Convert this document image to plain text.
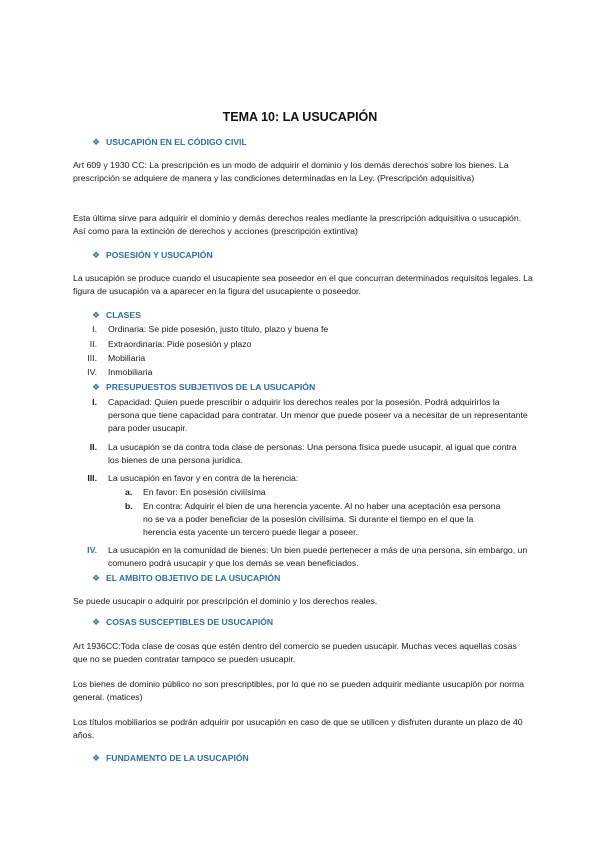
TEMA 10: LA USUCAPIÓN
❖ USUCAPIÓN EN EL CÓDIGO CIVIL
Art 609 y 1930 CC: La prescripción es un modo de adquirir el dominio y los demás derechos sobre los bienes. La prescripción se adquiere de manera y las condiciones determinadas en la Ley. (Prescripción adquisitiva)
Esta última sirve para adquirir el dominio y demás derechos reales mediante la prescripción adquisitiva o usucapión. Así como para la extinción de derechos y acciones (prescripción extintiva)
❖ POSESIÓN Y USUCAPIÓN
La usucapión se produce cuando el usucapiente sea poseedor en el que concurran determinados requisitos legales. La figura de usucapión va a aparecer en la figura del usucapiente o poseedor.
❖ CLASES
I. Ordinaria: Se pide posesión, justo título, plazo y buena fe
II. Extraordinaria: Pide posesión y plazo
III. Mobiliaria
IV. Inmobiliaria
❖ PRESUPUESTOS SUBJETIVOS DE LA USUCAPIÓN
I. Capacidad: Quien puede prescribir o adquirir los derechos reales por la posesión. Podrá adquirirlos la persona que tiene capacidad para contratar. Un menor que puede poseer va a necesitar de un representante para poder usucapir.
II. La usucapión se da contra toda clase de personas: Una persona física puede usucapir, al igual que contra los bienes de una persona jurídica.
III. La usucapión en favor y en contra de la herencia:
a. En favor: En posesión civilísima
b. En contra: Adquirir el bien de una herencia yacente. Al no haber una aceptación esa persona no se va a poder beneficiar de la posesión civilísima. Si durante el tiempo en el que la herencia esta yacente un tercero puede llegar a poseer.
IV. La usucapión en la comunidad de bienes: Un bien puede pertenecer a más de una persona, sin embargo, un comunero podrá usucapir y que los demás se vean beneficiados.
❖ EL AMBITO OBJETIVO DE LA USUCAPIÓN
Se puede usucapir o adquirir por prescripción el dominio y los derechos reales.
❖ COSAS SUSCEPTIBLES DE USUCAPIÓN
Art 1936CC:Toda clase de cosas que estén dentro del comercio se pueden usucapir. Muchas veces aquellas cosas que no se pueden contratar tampoco se pueden usucapir.
Los bienes de dominio público no son prescriptibles, por lo que no se pueden adquirir mediante usucapión por norma general. (matices)
Los títulos mobiliarios se podrán adquirir por usucapión en caso de que se utilicen y disfruten durante un plazo de 40 años.
❖ FUNDAMENTO DE LA USUCAPIÓN
